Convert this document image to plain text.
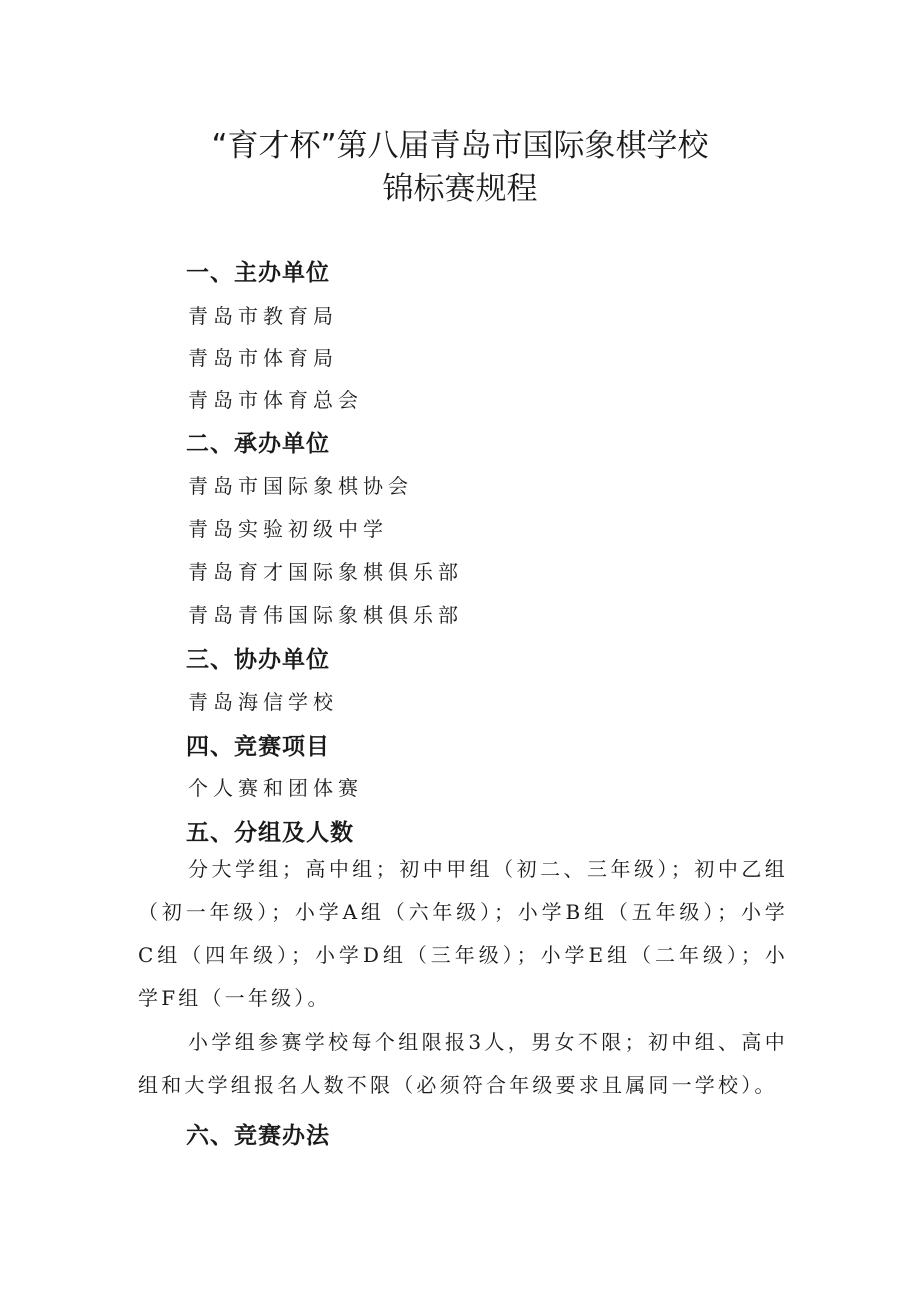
“育才杯”第八届青岛市国际象棋学校
锦标赛规程
一、主办单位
青岛市教育局
青岛市体育局
青岛市体育总会
二、承办单位
青岛市国际象棋协会
青岛实验初级中学
青岛育才国际象棋俱乐部
青岛青伟国际象棋俱乐部
三、协办单位
青岛海信学校
四、竞赛项目
个人赛和团体赛
五、分组及人数

分大学组；高中组；初中甲组（初二、三年级）；初中乙组（初一年级）；小学A组（六年级）；小学B组（五年级）；小学C组（四年级）；小学D组（三年级）；小学E组（二年级）；小学F组（一年级）。

小学组参赛学校每个组限报3人，男女不限；初中组、高中组和大学组报名人数不限（必须符合年级要求且属同一学校）。

六、竞赛办法
